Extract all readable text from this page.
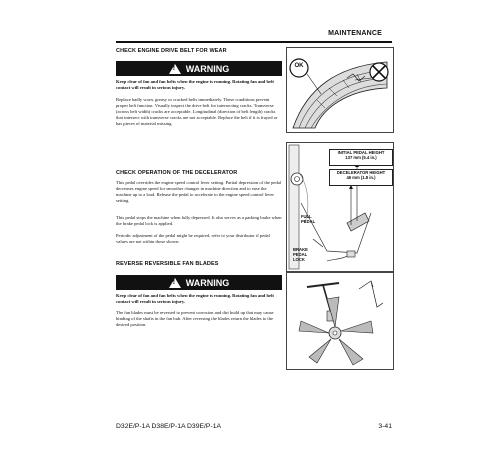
MAINTENANCE
CHECK ENGINE DRIVE BELT FOR WEAR
!
WARNING
Keep clear of fan and fan belts when the engine is running. Rotating fan and belt contact will result in serious injury.
Replace badly worn, greasy or cracked belts immediately. These conditions prevent proper belt function. Visually inspect the drive belt for intersecting cracks. Transverse (across belt width) cracks are acceptable. Longitudinal (direction of belt length) cracks that intersect with transverse cracks are not acceptable. Replace the belt if it is frayed or has pieces of material missing.
OK
CHECK OPERATION OF THE DECELERATOR
This pedal overrides the engine speed control lever setting. Partial depression of the pedal decreases engine speed for smoother changes in machine direction and to ease the machine up to a load. Release the pedal to accelerate to the engine speed control lever setting.
This pedal stops the machine when fully depressed. It also serves as a parking brake when the brake pedal lock is applied.
Periodic adjustment of the pedal might be required, refer to your distributor if pedal values are not within those shown.
INITIAL PEDAL HEIGHT
137 mm (5.4 in.)
DECELERATOR HEIGHT
46 mm (1.8 in.)
FULL
PEDAL
BRAKE
PEDAL
LOCK
REVERSE REVERSIBLE FAN BLADES
!
WARNING
Keep clear of fan and fan belts when the engine is running. Rotating fan and belt contact will result in serious injury.
The fan blades must be reversed to prevent corrosion and dirt build up that may cause binding of the shafts in the fan hub. After reversing the blades return the blades to the desired position.
D32E/P-1A D38E/P-1A D39E/P-1A	3-41
